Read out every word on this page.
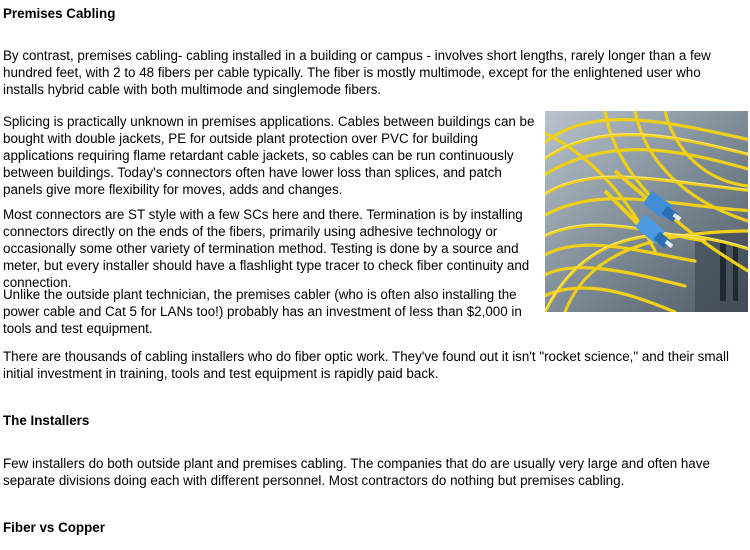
Premises Cabling

By contrast, premises cabling- cabling installed in a building or campus - involves short lengths, rarely longer than a few hundred feet, with 2 to 48 fibers per cable typically. The fiber is mostly multimode, except for the enlightened user who installs hybrid cable with both multimode and singlemode fibers.

Splicing is practically unknown in premises applications. Cables between buildings can be bought with double jackets, PE for outside plant protection over PVC for building applications requiring flame retardant cable jackets, so cables can be run continuously between buildings. Today's connectors often have lower loss than splices, and patch panels give more flexibility for moves, adds and changes.

Most connectors are ST style with a few SCs here and there. Termination is by installing connectors directly on the ends of the fibers, primarily using adhesive technology or occasionally some other variety of termination method. Testing is done by a source and meter, but every installer should have a flashlight type tracer to check fiber continuity and connection.

Unlike the outside plant technician, the premises cabler (who is often also installing the power cable and Cat 5 for LANs too!) probably has an investment of less than $2,000 in tools and test equipment.

There are thousands of cabling installers who do fiber optic work. They've found out it isn't "rocket science," and their small initial investment in training, tools and test equipment is rapidly paid back.

The Installers

Few installers do both outside plant and premises cabling. The companies that do are usually very large and often have separate divisions doing each with different personnel. Most contractors do nothing but premises cabling.

Fiber vs Copper
